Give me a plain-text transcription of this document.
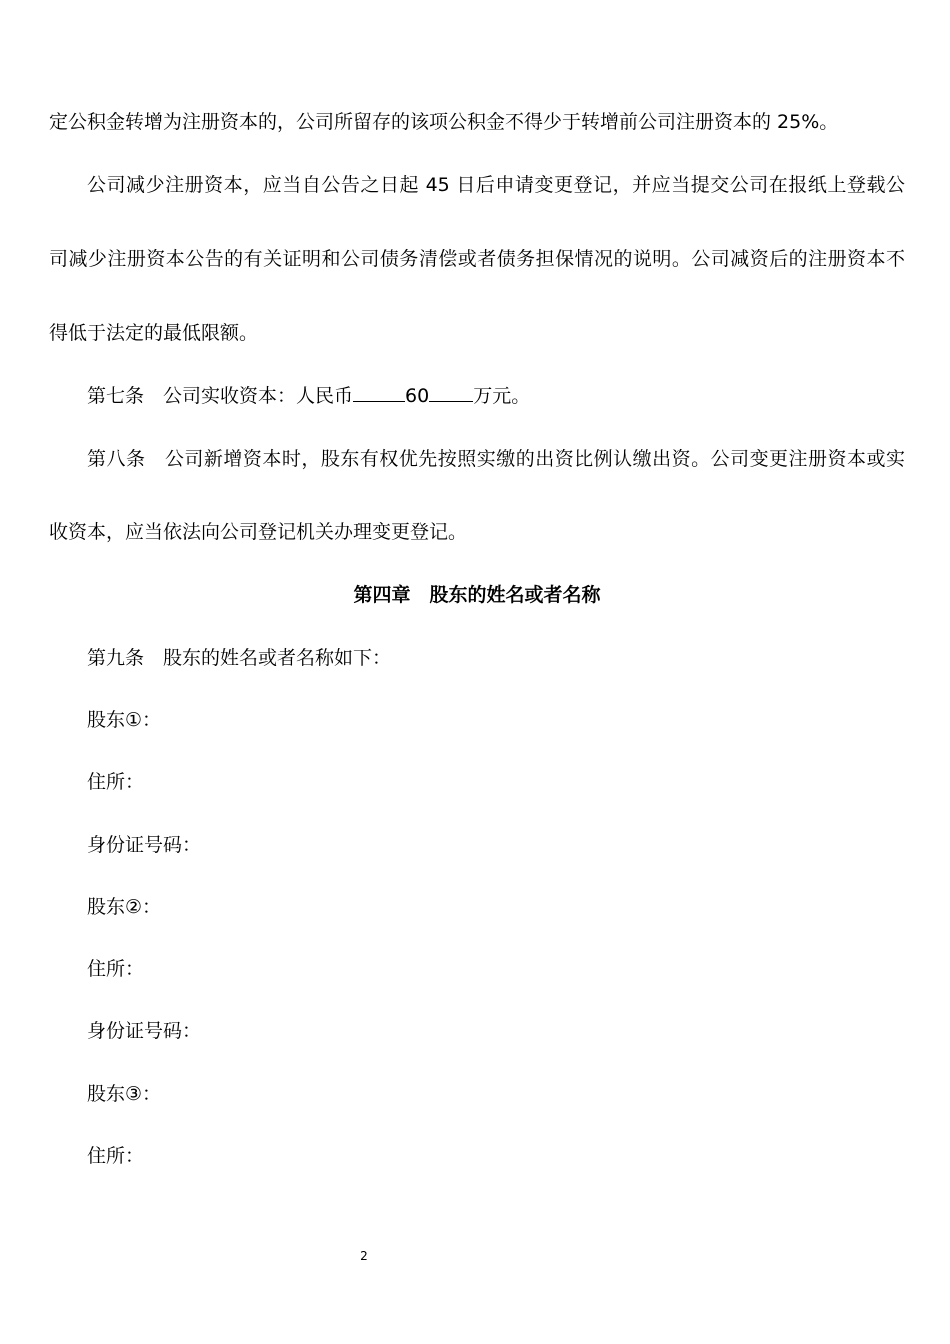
定公积金转增为注册资本的，公司所留存的该项公积金不得少于转增前公司注册资本的 25%。
公司减少注册资本，应当自公告之日起 45 日后申请变更登记，并应当提交公司在报纸上登载公
司减少注册资本公告的有关证明和公司债务清偿或者债务担保情况的说明。公司减资后的注册资本不
得低于法定的最低限额。
第七条　 公司实收资本：人民币	60 万元。
第八条　公司新增资本时，股东有权优先按照实缴的出资比例认缴出资。公司变更注册资本或实
收资本，应当依法向公司登记机关办理变更登记。
第四章　股东的姓名或者名称
第九条　股东的姓名或者名称如下：
股东①：
住所：
身份证号码：
股东②：
住所：
身份证号码：
股东③：
住所：
2
